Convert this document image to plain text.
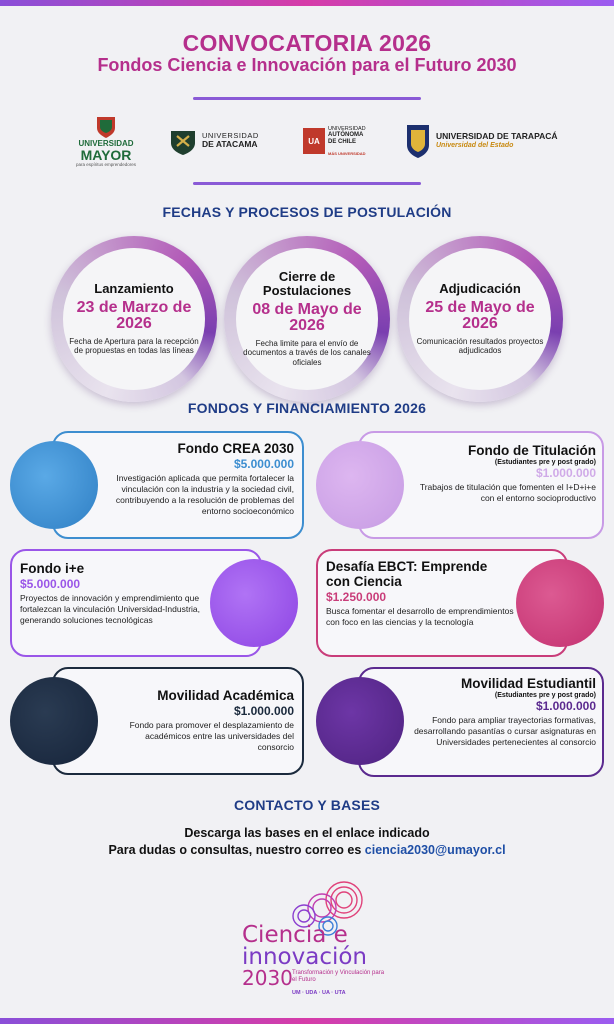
CONVOCATORIA 2026
Fondos Ciencia e Innovación para el Futuro 2030
UNIVERSIDAD
MAYOR
para espíritus emprendedores
UNIVERSIDAD
DE ATACAMA	UA
UNIVERSIDAD
AUTÓNOMA
DE CHILE
MÁS UNIVERSIDAD
UNIVERSIDAD DE TARAPACÁ
Universidad del Estado
FECHAS Y PROCESOS DE POSTULACIÓN
Lanzamiento
23 de Marzo de 2026
Fecha de Apertura para la recepción de propuestas en todas las líneas
Cierre de Postulaciones
08 de Mayo de 2026
Fecha limite para el envío de documentos a través de los canales oficiales
Adjudicación
25 de Mayo de 2026
Comunicación resultados proyectos adjudicados
FONDOS Y FINANCIAMIENTO 2026
Fondo CREA 2030
$5.000.000
Investigación aplicada que permita fortalecer la vinculación con la industria y la sociedad civil, contribuyendo a la resolución de problemas del entorno socioeconómico
Fondo de Titulación
(Estudiantes pre y post grado)
$1.000.000
Trabajos de titulación que fomenten el I+D+i+e con el entorno socioproductivo
Fondo i+e
$5.000.000
Proyectos de innovación y emprendimiento que fortalezcan la vinculación Universidad-Industria, generando soluciones tecnológicas
Desafía EBCT: Emprende con Ciencia
$1.250.000
Busca fomentar el desarrollo de emprendimientos con foco en las ciencias y la tecnología
Movilidad Académica
$1.000.000
Fondo para promover el desplazamiento de académicos entre las universidades del consorcio
Movilidad Estudiantil
(Estudiantes pre y post grado)
$1.000.000
Fondo para ampliar trayectorias formativas, desarrollando pasantías o cursar asignaturas en Universidades pertenecientes al consorcio
CONTACTO Y BASES
Descarga las bases en el enlace indicado
Para dudas o consultas, nuestro correo es ciencia2030@umayor.cl
Ciencia e
innovación
2030 Transformación y Vinculación para el Futuro
UM · UDA · UA · UTA
